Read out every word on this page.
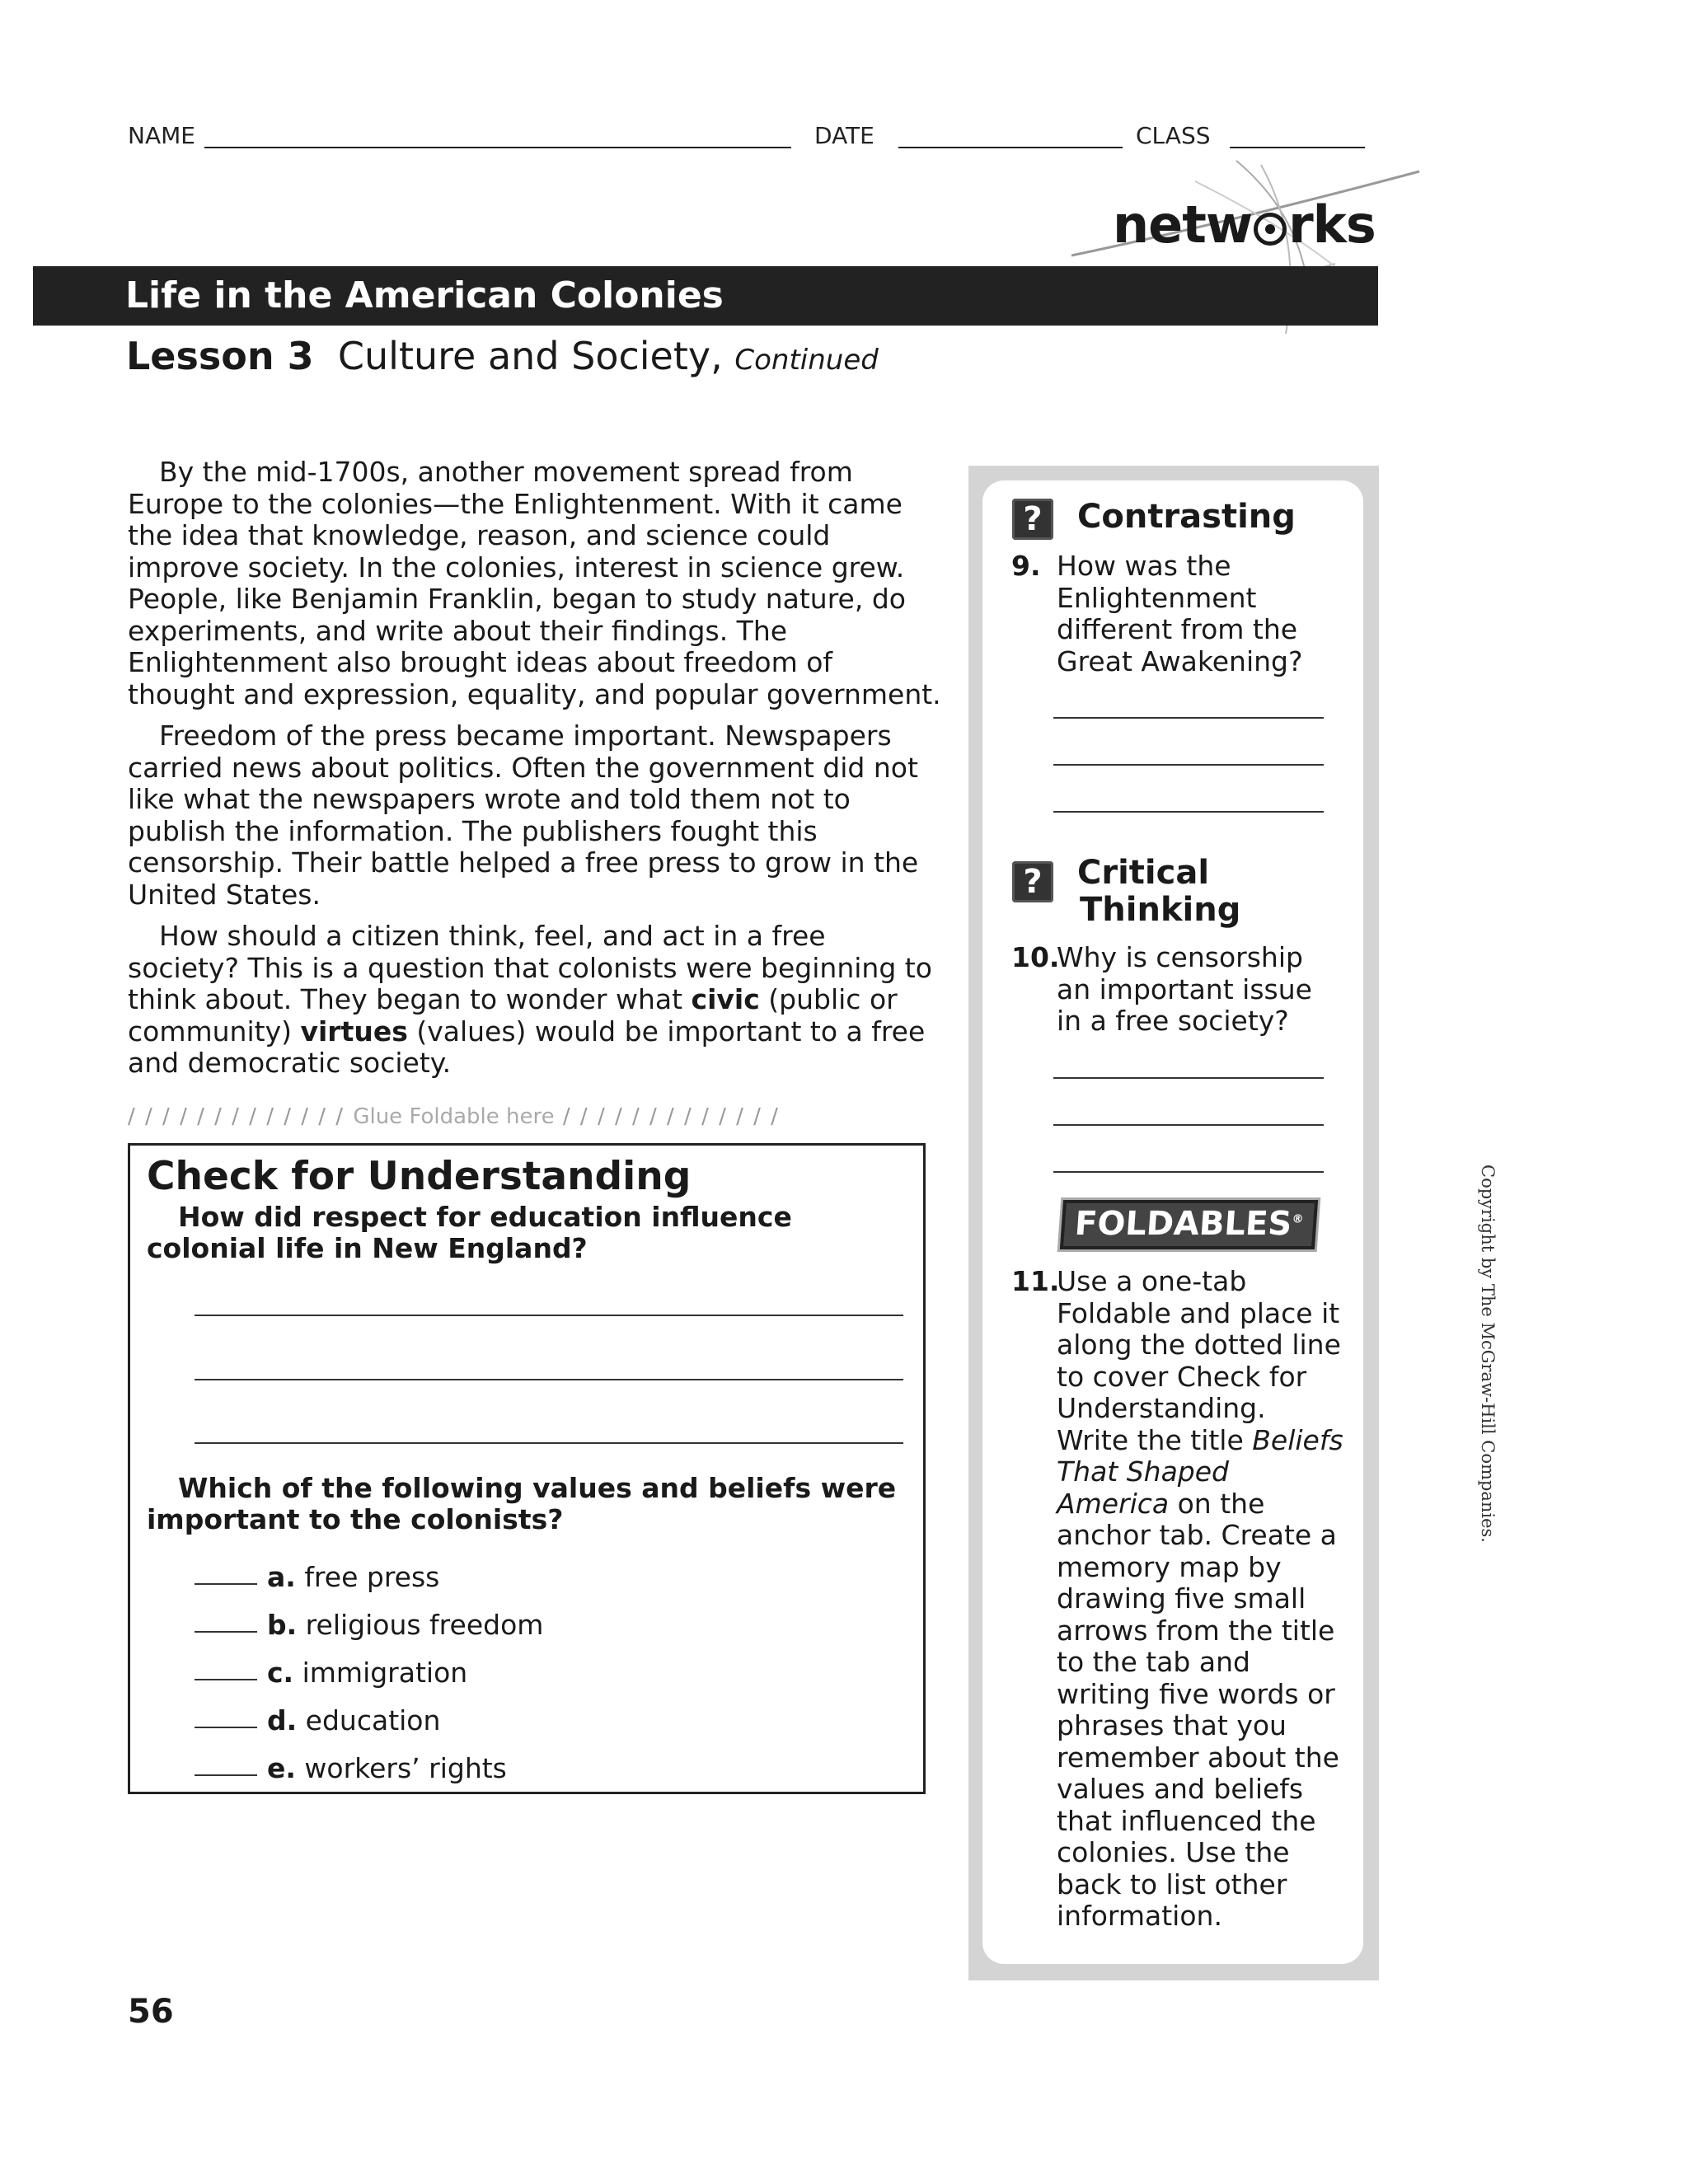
NAME	DATE	CLASS
netw rks
Life in the American Colonies
Lesson 3 Culture and Society, Continued

By the mid-1700s, another movement spread from Europe to the colonies—the Enlightenment. With it came the idea that knowledge, reason, and science could improve society. In the colonies, interest in science grew. People, like Benjamin Franklin, began to study nature, do experiments, and write about their findings. The Enlightenment also brought ideas about freedom of thought and expression, equality, and popular government.

Freedom of the press became important. Newspapers carried news about politics. Often the government did not like what the newspapers wrote and told them not to publish the information. The publishers fought this censorship. Their battle helped a free press to grow in the United States.

How should a citizen think, feel, and act in a free society? This is a question that colonists were beginning to think about. They began to wonder what civic (public or community) virtues (values) would be important to a free and democratic society.

/ / / / / / / / / / / / / Glue Foldable here / / / / / / / / / / / / /
Check for Understanding
How did respect for education influence colonial life in New England?
Which of the following values and beliefs were important to the colonists?
a. free press
b. religious freedom
c. immigration
d. education
e. workers’ rights
?	Contrasting
9. How was the Enlightenment different from the Great Awakening?
?	Critical
Thinking
10.
Why is censorship an important issue in a free society?
FOLDABLES®
11.
Use a one-tab Foldable and place it along the dotted line to cover Check for Understanding. Write the title Beliefs That Shaped America on the anchor tab. Create a memory map by drawing five small arrows from the title to the tab and writing five words or phrases that you remember about the values and beliefs that influenced the colonies. Use the back to list other information.
Copyright by The McGraw-Hill Companies.
56
